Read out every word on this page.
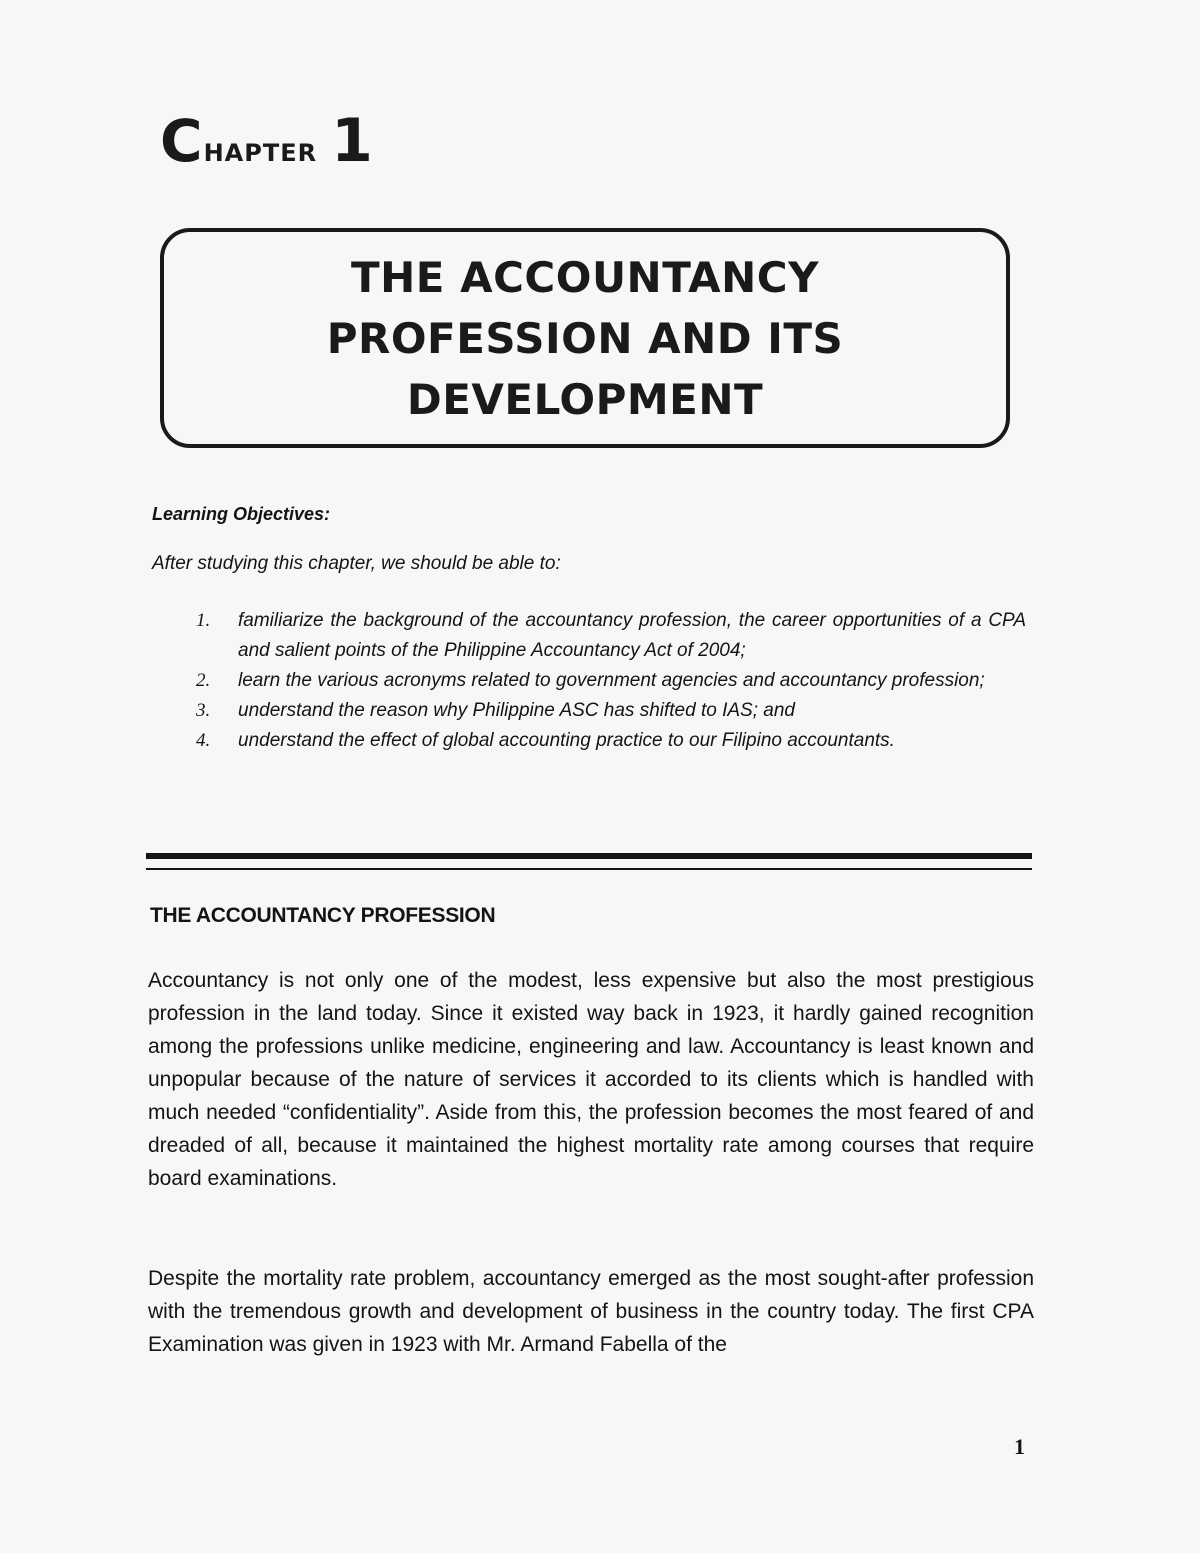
Chapter 1
THE ACCOUNTANCY
PROFESSION AND ITS
DEVELOPMENT
Learning Objectives:
After studying this chapter, we should be able to:
1.	familiarize the background of the accountancy profession, the career opportunities of a CPA and salient points of the Philippine Accountancy Act of 2004;
2.	learn the various acronyms related to government agencies and accountancy profession;
3.	understand the reason why Philippine ASC has shifted to IAS; and
4.	understand the effect of global accounting practice to our Filipino accountants.
THE ACCOUNTANCY PROFESSION

Accountancy is not only one of the modest, less expensive but also the most prestigious profession in the land today. Since it existed way back in 1923, it hardly gained recognition among the professions unlike medicine, engineering and law. Accountancy is least known and unpopular because of the nature of services it accorded to its clients which is handled with much needed “confidentiality”. Aside from this, the profession becomes the most feared of and dreaded of all, because it maintained the highest mortality rate among courses that require board examinations.

Despite the mortality rate problem, accountancy emerged as the most sought-after profession with the tremendous growth and development of business in the country today. The first CPA Examination was given in 1923 with Mr. Armand Fabella of the

1
